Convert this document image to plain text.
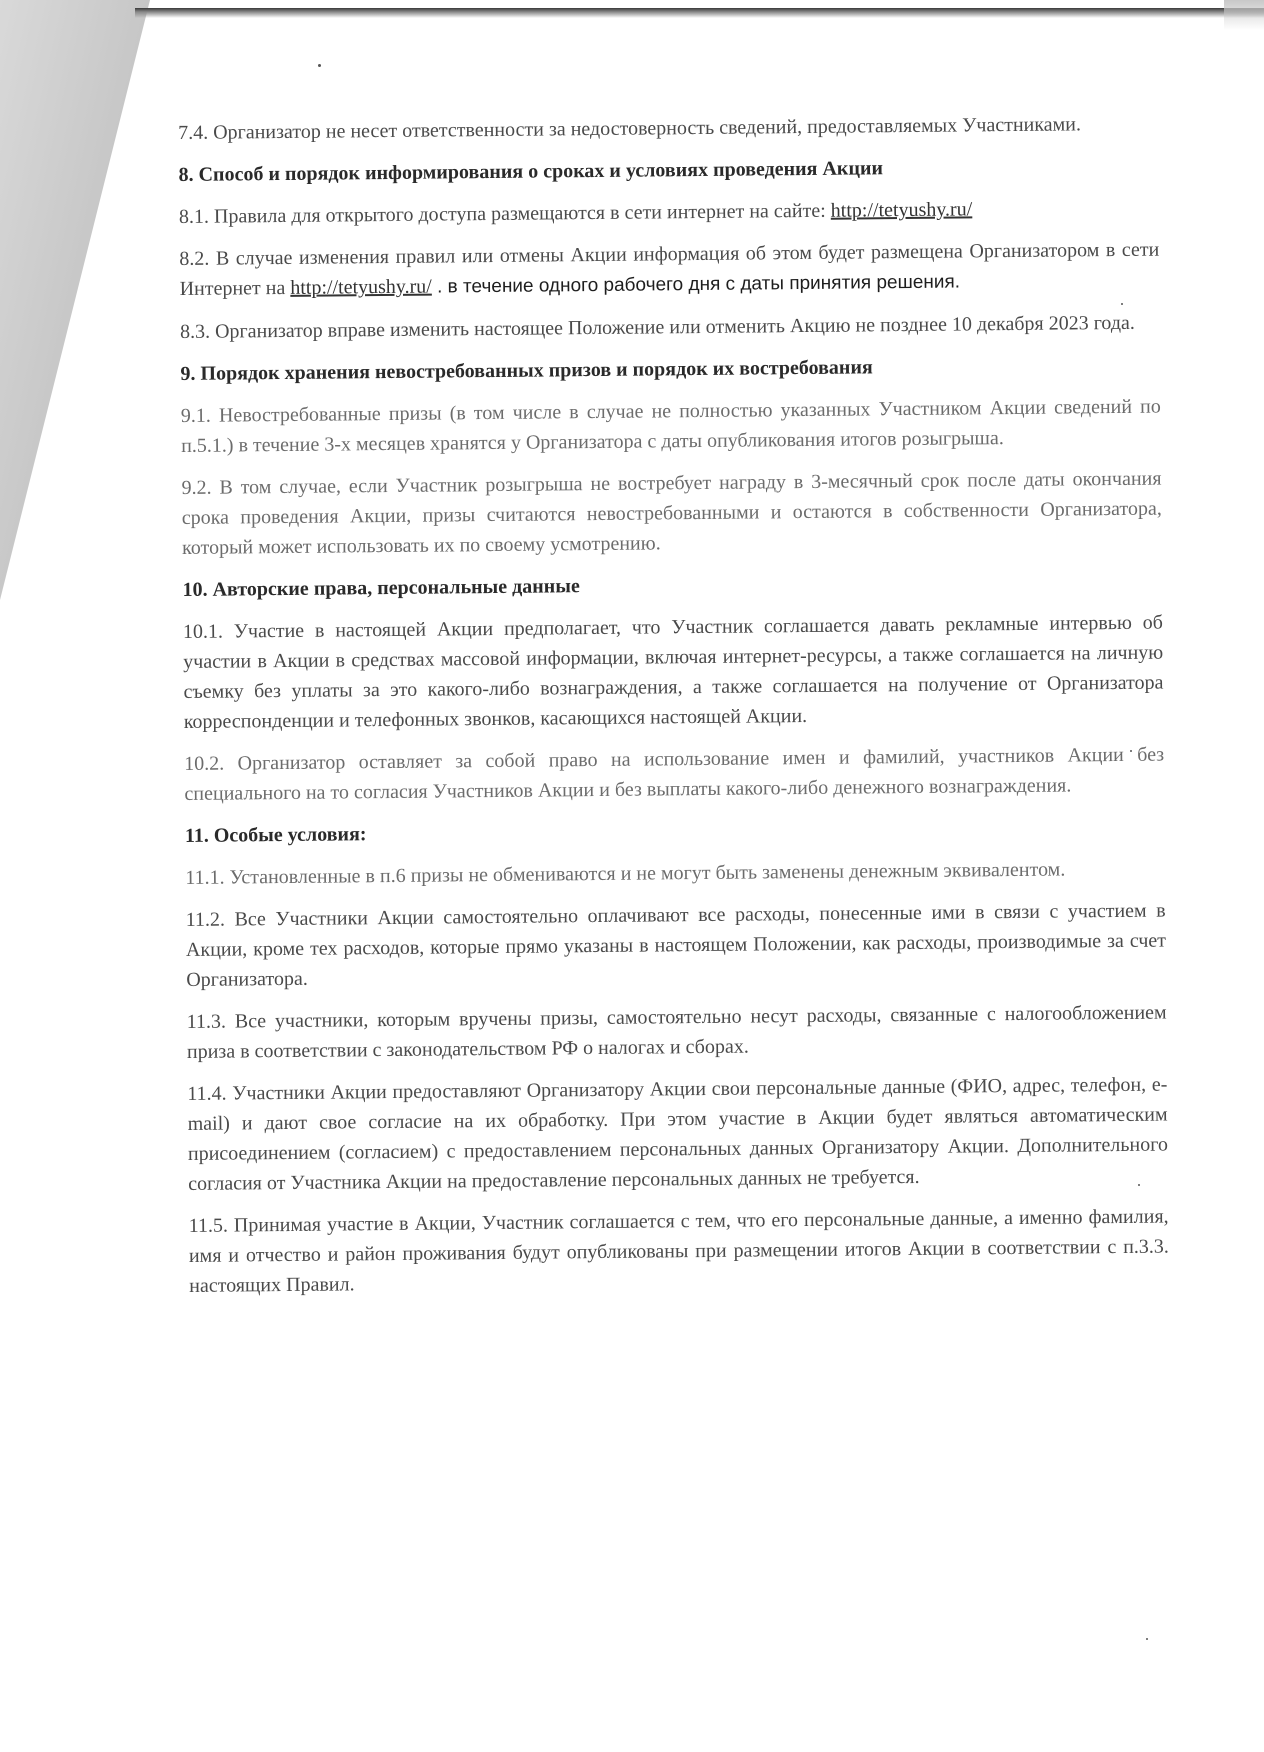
7.4. Организатор не несет ответственности за недостоверность сведений, предоставляемых Участниками.

8. Способ и порядок информирования о сроках и условиях проведения Акции

8.1. Правила для открытого доступа размещаются в сети интернет на сайте: http://tetyushy.ru/

8.2. В случае изменения правил или отмены Акции информация об этом будет размещена Организатором в сети Интернет на http://tetyushy.ru/ . в течение одного рабочего дня с даты принятия решения.

8.3. Организатор вправе изменить настоящее Положение или отменить Акцию не позднее 10 декабря 2023 года.

9. Порядок хранения невостребованных призов и порядок их востребования

9.1. Невостребованные призы (в том числе в случае не полностью указанных Участником Акции сведений по п.5.1.) в течение 3-х месяцев хранятся у Организатора с даты опубликования итогов розыгрыша.

9.2. В том случае, если Участник розыгрыша не востребует награду в 3-месячный срок после даты окончания срока проведения Акции, призы считаются невостребованными и остаются в собственности Организатора, который может использовать их по своему усмотрению.

10. Авторские права, персональные данные

10.1. Участие в настоящей Акции предполагает, что Участник соглашается давать рекламные интервью об участии в Акции в средствах массовой информации, включая интернет-ресурсы, а также соглашается на личную съемку без уплаты за это какого-либо вознаграждения, а также соглашается на получение от Организатора корреспонденции и телефонных звонков, касающихся настоящей Акции.

10.2. Организатор оставляет за собой право на использование имен и фамилий, участников Акции без специального на то согласия Участников Акции и без выплаты какого-либо денежного вознаграждения.

11. Особые условия:

11.1. Установленные в п.6 призы не обмениваются и не могут быть заменены денежным эквивалентом.

11.2. Все Участники Акции самостоятельно оплачивают все расходы, понесенные ими в связи с участием в Акции, кроме тех расходов, которые прямо указаны в настоящем Положении, как расходы, производимые за счет Организатора.

11.3. Все участники, которым вручены призы, самостоятельно несут расходы, связанные с налогообложением приза в соответствии с законодательством РФ о налогах и сборах.

11.4. Участники Акции предоставляют Организатору Акции свои персональные данные (ФИО, адрес, телефон, e-mail) и дают свое согласие на их обработку. При этом участие в Акции будет являться автоматическим присоединением (согласием) с предоставлением персональных данных Организатору Акции. Дополнительного согласия от Участника Акции на предоставление персональных данных не требуется.

11.5. Принимая участие в Акции, Участник соглашается с тем, что его персональные данные, а именно фамилия, имя и отчество и район проживания будут опубликованы при размещении итогов Акции в соответствии с п.3.3. настоящих Правил.
